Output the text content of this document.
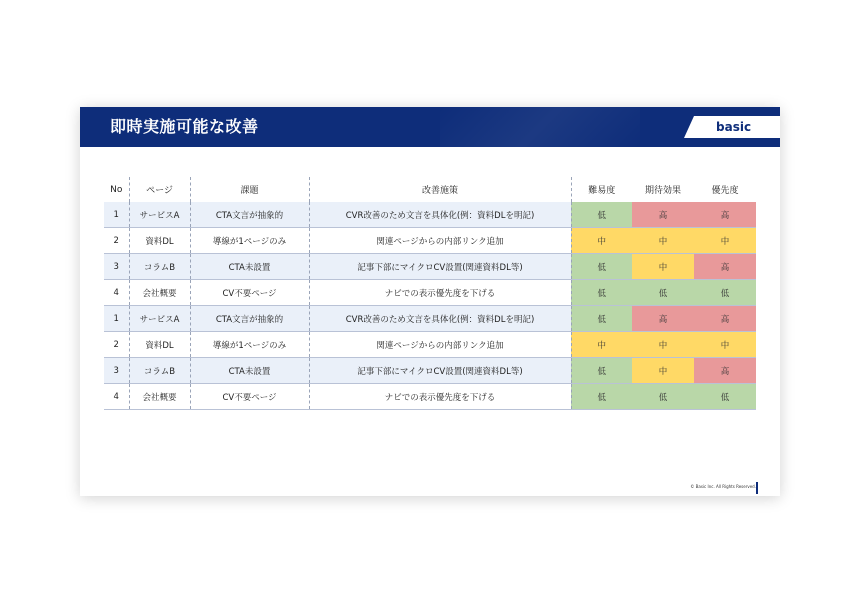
即時実施可能な改善	basic
No	ページ	課題	改善施策	難易度	期待効果	優先度
1	サービスA	CTA文言が抽象的	CVR改善のため文言を具体化(例：資料DLを明記)	低	高	高
2	資料DL	導線が1ページのみ	関連ページからの内部リンク追加	中	中	中
3	コラムB	CTA未設置	記事下部にマイクロCV設置(関連資料DL等)	低	中	高
4	会社概要	CV不要ページ	ナビでの表示優先度を下げる	低	低	低
1	サービスA	CTA文言が抽象的	CVR改善のため文言を具体化(例：資料DLを明記)	低	高	高
2	資料DL	導線が1ページのみ	関連ページからの内部リンク追加	中	中	中
3	コラムB	CTA未設置	記事下部にマイクロCV設置(関連資料DL等)	低	中	高
4	会社概要	CV不要ページ	ナビでの表示優先度を下げる	低	低	低
© Basic Inc. All Rights Reserved.
